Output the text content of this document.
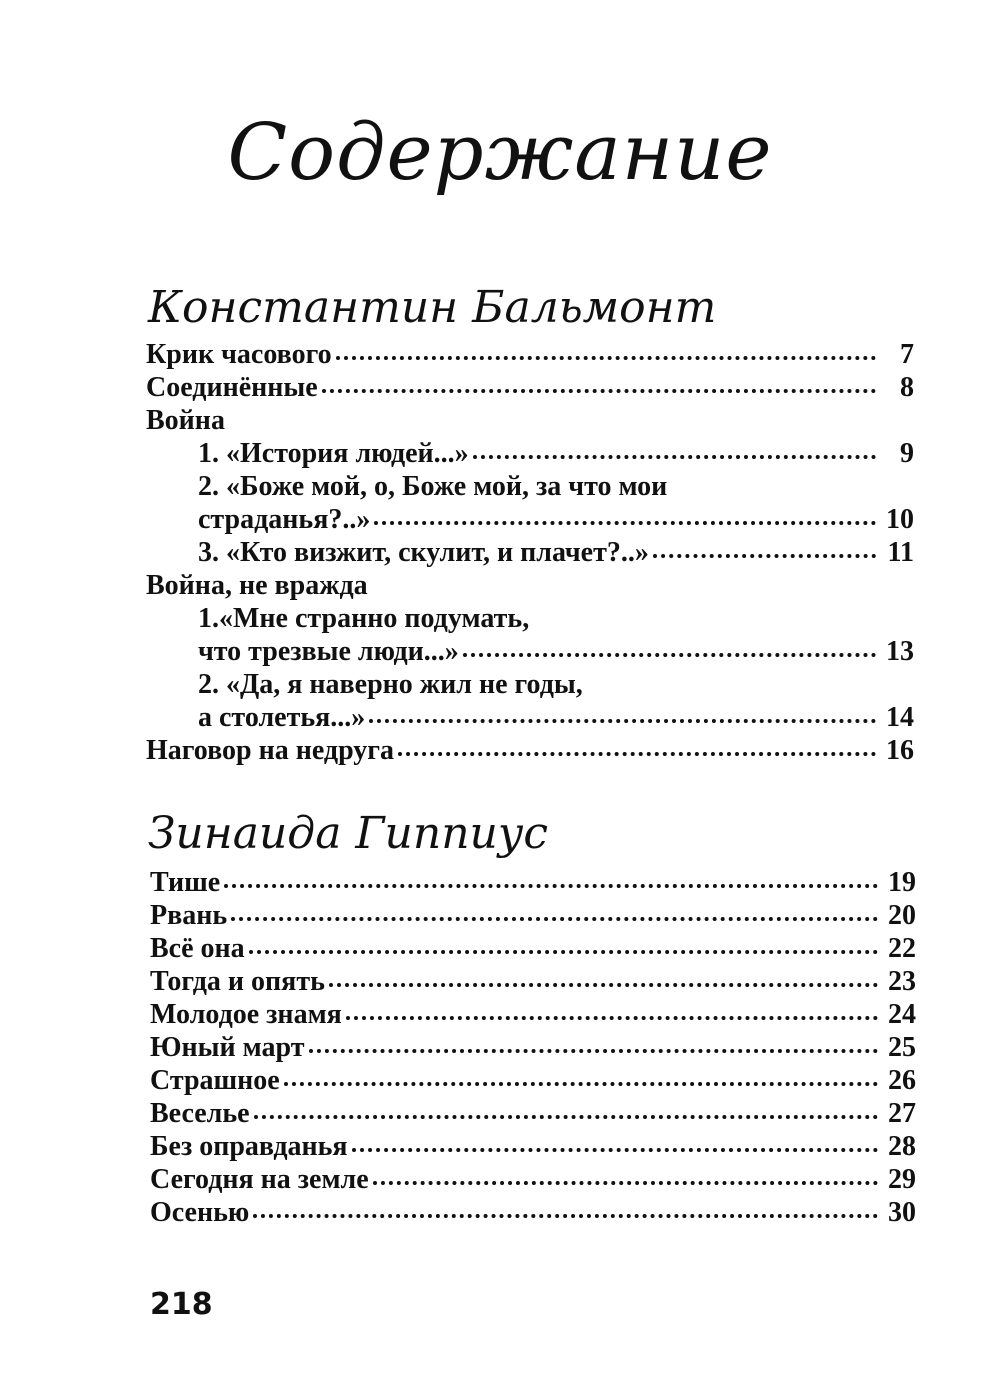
Содержание
Константин Бальмонт
Крик часового	7
Соединённые	8
Война
1. «История людей...»	9
2. «Боже мой, о, Боже мой, за что мои
страданья?..»	10
3. «Кто визжит, скулит, и плачет?..»	11
Война, не вражда
1.«Мне странно подумать,
что трезвые люди...»	13
2. «Да, я наверно жил не годы,
а столетья...»	14
Наговор на недруга	16
Зинаида Гиппиус
Тише	19
Рвань	20
Всё она	22
Тогда и опять	23
Молодое знамя	24
Юный март	25
Страшное	26
Веселье	27
Без оправданья	28
Сегодня на земле	29
Осенью	30
218
